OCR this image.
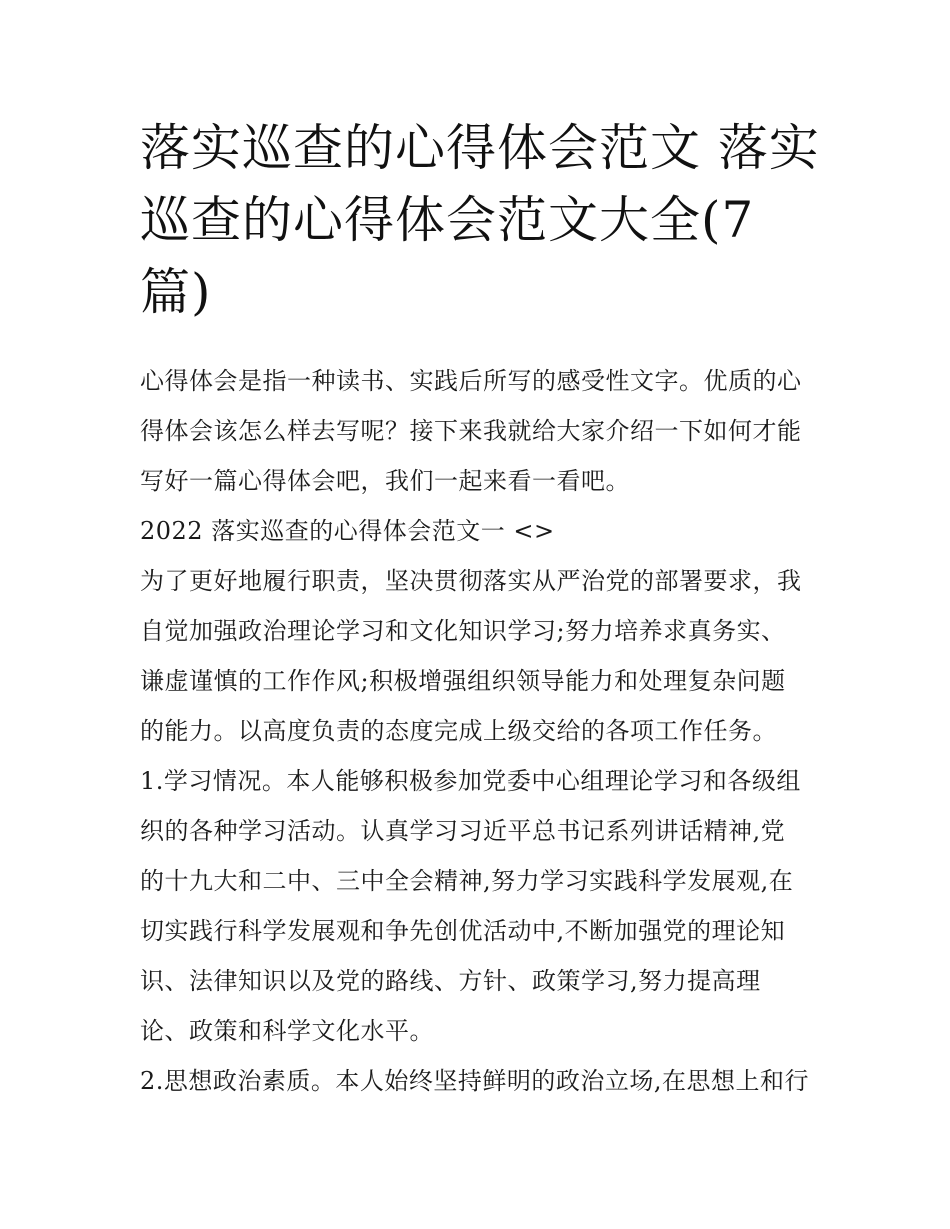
落实巡查的心得体会范文 落实
巡查的心得体会范文大全(7
篇)

心得体会是指一种读书、实践后所写的感受性文字。优质的心
得体会该怎么样去写呢？接下来我就给大家介绍一下如何才能
写好一篇心得体会吧，我们一起来看一看吧。

2022 落实巡查的心得体会范文一 <>

为了更好地履行职责，坚决贯彻落实从严治党的部署要求，我
自觉加强政治理论学习和文化知识学习;努力培养求真务实、
谦虚谨慎的工作作风;积极增强组织领导能力和处理复杂问题
的能力。以高度负责的态度完成上级交给的各项工作任务。

1.学习情况。本人能够积极参加党委中心组理论学习和各级组
织的各种学习活动。认真学习习近平总书记系列讲话精神,党
的十九大和二中、三中全会精神,努力学习实践科学发展观,在
切实践行科学发展观和争先创优活动中,不断加强党的理论知
识、法律知识以及党的路线、方针、政策学习,努力提高理
论、政策和科学文化水平。

2.思想政治素质。本人始终坚持鲜明的政治立场,在思想上和行
